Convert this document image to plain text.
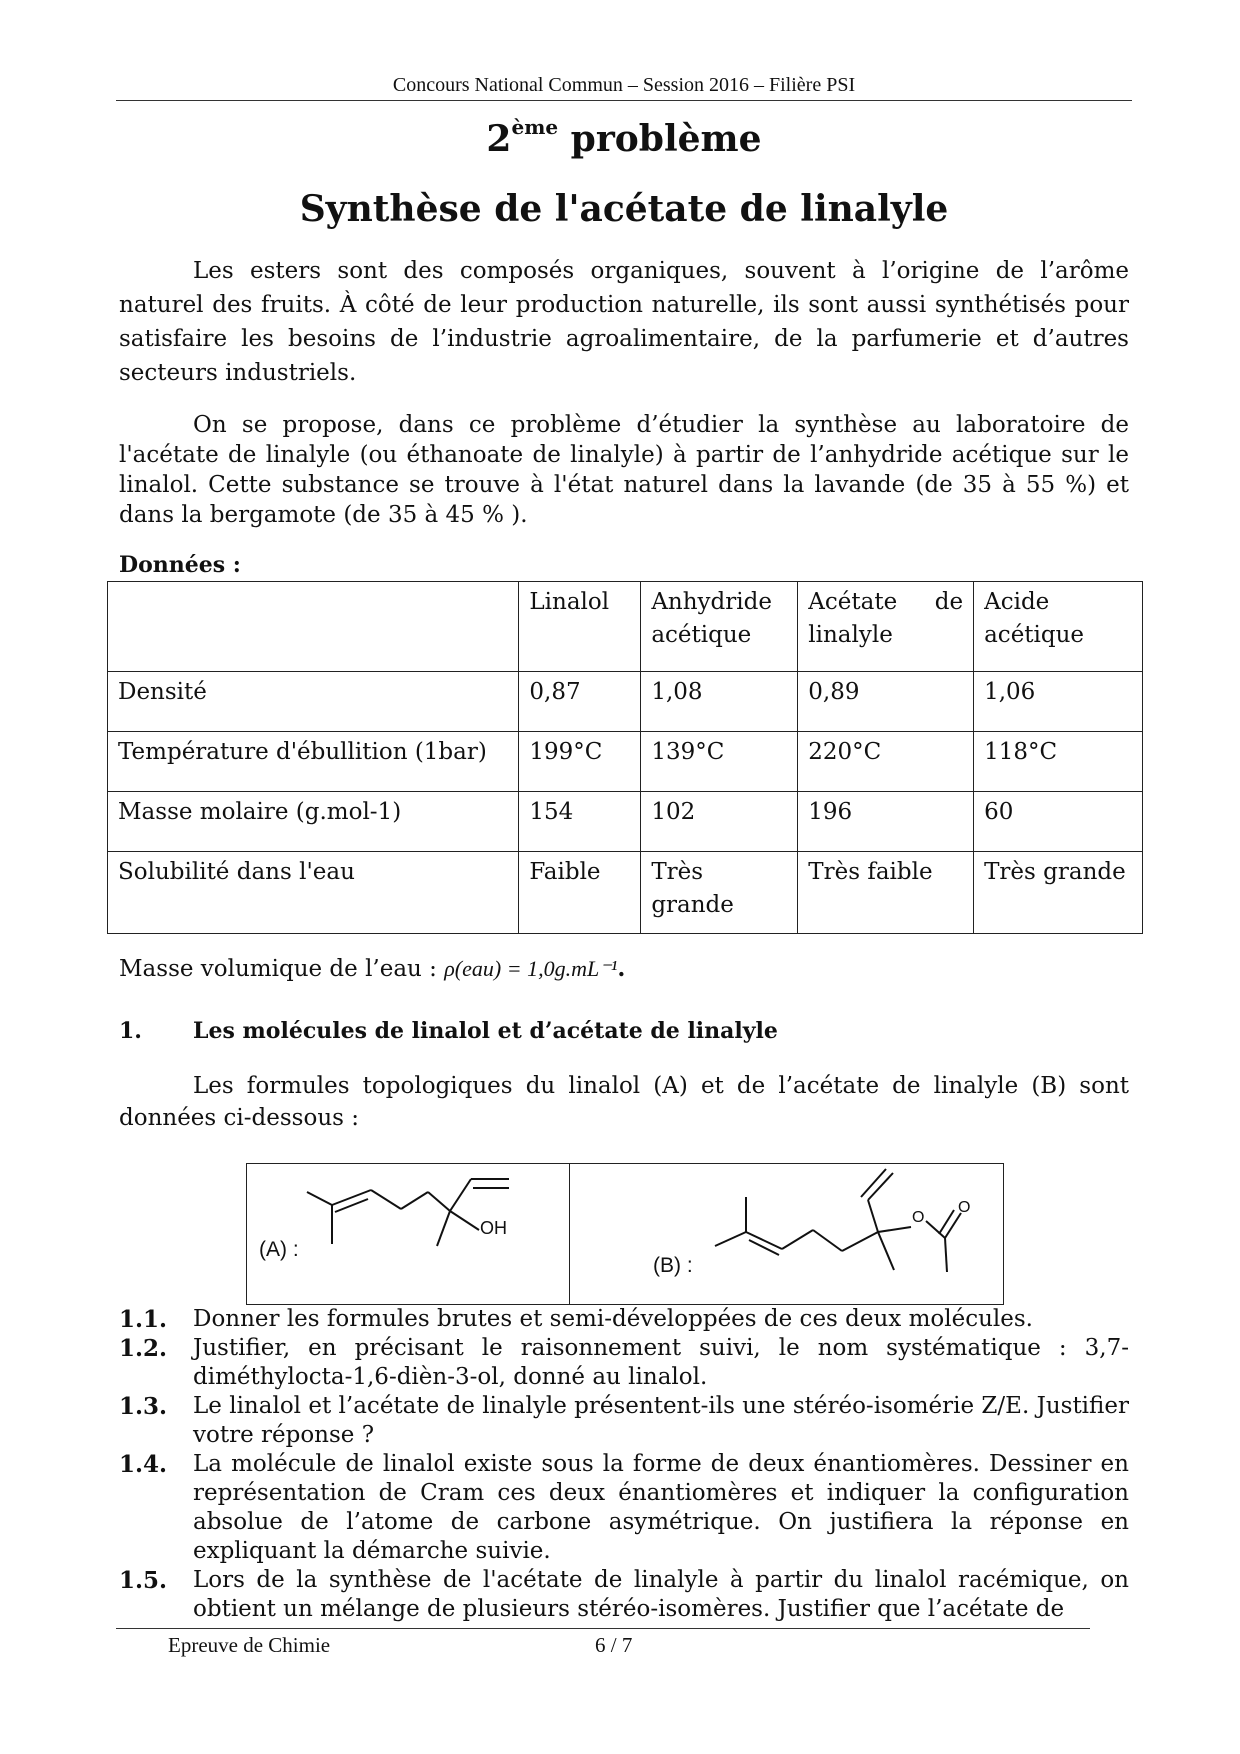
Concours National Commun – Session 2016 – Filière PSI
2ème problème
Synthèse de l'acétate de linalyle

Les esters sont des composés organiques, souvent à l’origine de l’arôme naturel des fruits. À côté de leur production naturelle, ils sont aussi synthétisés pour satisfaire les besoins de l’industrie agroalimentaire, de la parfumerie et d’autres secteurs industriels.

On se propose, dans ce problème d’étudier la synthèse au laboratoire de l'acétate de linalyle (ou éthanoate de linalyle) à partir de l’anhydride acétique sur le linalol. Cette substance se trouve à l'état naturel dans la lavande (de 35 à 55 %) et dans la bergamote (de 35 à 45 % ).

Données :
	Linalol	Anhydride acétique	Acétate de linalyle	Acide acétique
Densité	0,87	1,08	0,89	1,06
Température d'ébullition (1bar)	199°C	139°C	220°C	118°C
Masse molaire (g.mol-1)	154	102	196	60
Solubilité dans l'eau	Faible	Très grande	Très faible	Très grande
Masse volumique de l’eau : ρ(eau) = 1,0g.mL⁻¹.
1. Les molécules de linalol et d’acétate de linalyle

Les formules topologiques du linalol (A) et de l’acétate de linalyle (B) sont données ci-dessous :

(A) :
(B) :
OH
O
O
1.1. Donner les formules brutes et semi-développées de ces deux molécules.
1.2. Justifier, en précisant le raisonnement suivi, le nom systématique : 3,7-diméthylocta-1,6-dièn-3-ol, donné au linalol.
1.3. Le linalol et l’acétate de linalyle présentent-ils une stéréo-isomérie Z/E. Justifier votre réponse ?
1.4. La molécule de linalol existe sous la forme de deux énantiomères. Dessiner en représentation de Cram ces deux énantiomères et indiquer la configuration absolue de l’atome de carbone asymétrique. On justifiera la réponse en expliquant la démarche suivie.
1.5. Lors de la synthèse de l'acétate de linalyle à partir du linalol racémique, on obtient un mélange de plusieurs stéréo-isomères. Justifier que l’acétate de
Epreuve de Chimie	6 / 7
